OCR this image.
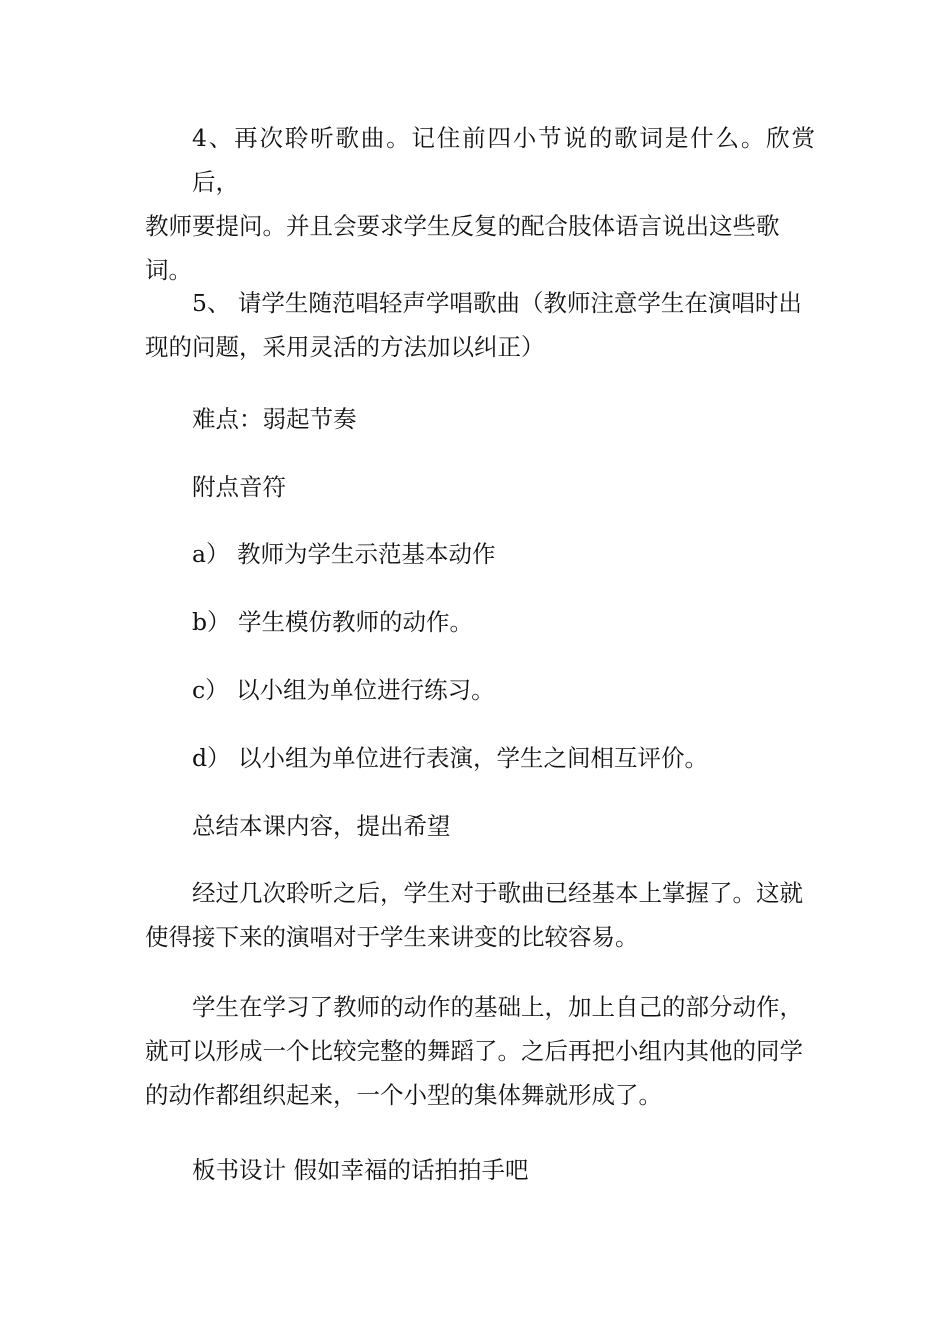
4、再次聆听歌曲。记住前四小节说的歌词是什么。欣赏后，
教师要提问。并且会要求学生反复的配合肢体语言说出这些歌
词。
5、 请学生随范唱轻声学唱歌曲（教师注意学生在演唱时出
现的问题，采用灵活的方法加以纠正）
难点：弱起节奏
附点音符
a） 教师为学生示范基本动作
b） 学生模仿教师的动作。
c） 以小组为单位进行练习。
d） 以小组为单位进行表演，学生之间相互评价。
总结本课内容，提出希望
经过几次聆听之后，学生对于歌曲已经基本上掌握了。这就
使得接下来的演唱对于学生来讲变的比较容易。
学生在学习了教师的动作的基础上，加上自己的部分动作，
就可以形成一个比较完整的舞蹈了。之后再把小组内其他的同学
的动作都组织起来，一个小型的集体舞就形成了。
板书设计 假如幸福的话拍拍手吧
